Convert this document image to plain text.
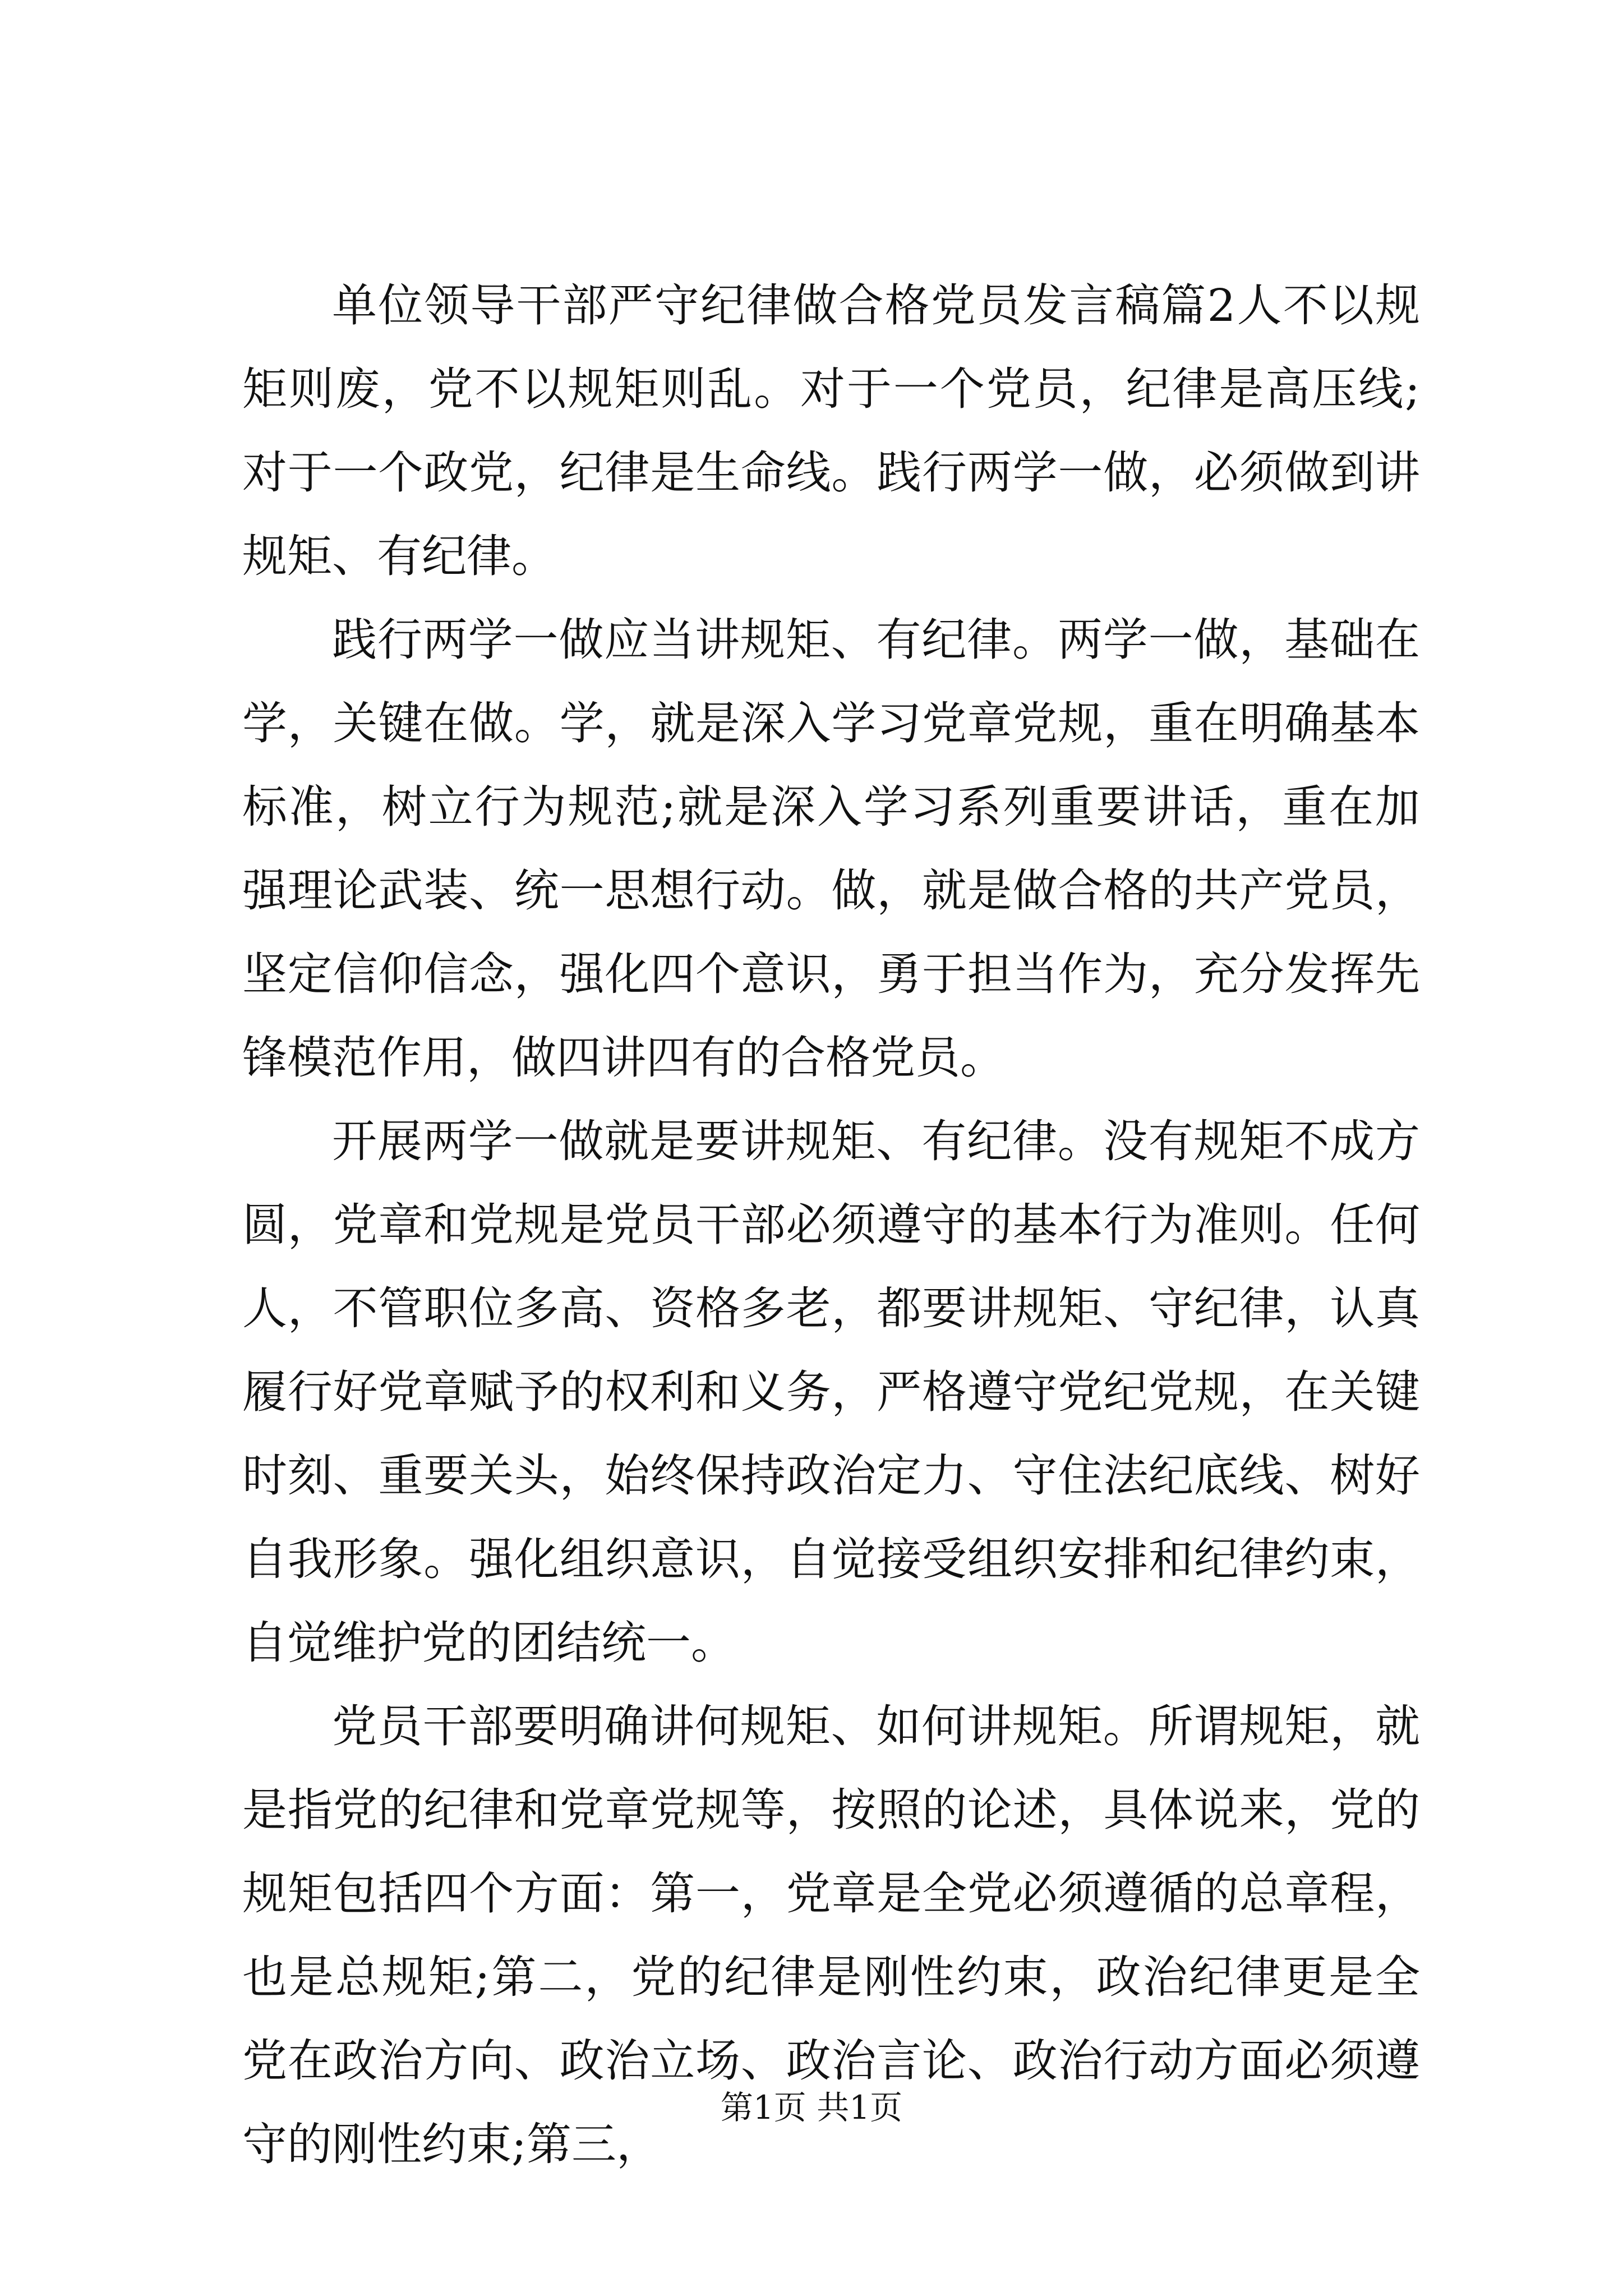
单位领导干部严守纪律做合格党员发言稿篇2人不以规矩则废，党不以规矩则乱。对于一个党员，纪律是高压线;对于一个政党，纪律是生命线。践行两学一做，必须做到讲规矩、有纪律。

践行两学一做应当讲规矩、有纪律。两学一做，基础在学，关键在做。学，就是深入学习党章党规，重在明确基本标准，树立行为规范;就是深入学习系列重要讲话，重在加强理论武装、统一思想行动。做，就是做合格的共产党员，坚定信仰信念，强化四个意识，勇于担当作为，充分发挥先锋模范作用，做四讲四有的合格党员。

开展两学一做就是要讲规矩、有纪律。没有规矩不成方圆，党章和党规是党员干部必须遵守的基本行为准则。任何人，不管职位多高、资格多老，都要讲规矩、守纪律，认真履行好党章赋予的权利和义务，严格遵守党纪党规，在关键时刻、重要关头，始终保持政治定力、守住法纪底线、树好自我形象。强化组织意识，自觉接受组织安排和纪律约束，自觉维护党的团结统一。

党员干部要明确讲何规矩、如何讲规矩。所谓规矩，就是指党的纪律和党章党规等，按照的论述，具体说来，党的规矩包括四个方面：第一，党章是全党必须遵循的总章程，也是总规矩;第二，党的纪律是刚性约束，政治纪律更是全党在政治方向、政治立场、政治言论、政治行动方面必须遵守的刚性约束;第三，

第1页 共1页
